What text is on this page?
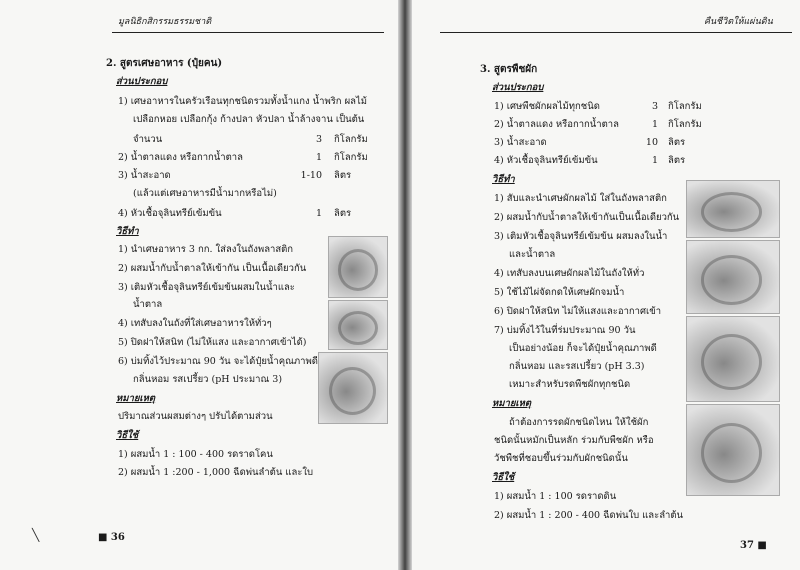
มูลนิธิกสิกรรมธรรมชาติ
2. สูตรเศษอาหาร (ปุ๋ยคน)
ส่วนประกอบ
1) เศษอาหารในครัวเรือนทุกชนิดรวมทั้งน้ำแกง น้ำพริก ผลไม้
เปลือกหอย เปลือกกุ้ง ก้างปลา หัวปลา น้ำล้างจาน เป็นต้น
จำนวน	3 กิโลกรัม
2) น้ำตาลแดง หรือกากน้ำตาล	1 กิโลกรัม
3) น้ำสะอาด	1-10 ลิตร
(แล้วแต่เศษอาหารมีน้ำมากหรือไม่)
4) หัวเชื้อจุลินทรีย์เข้มข้น	1 ลิตร
วิธีทำ
1) นำเศษอาหาร 3 กก. ใส่ลงในถังพลาสติก
2) ผสมน้ำกับน้ำตาลให้เข้ากัน เป็นเนื้อเดียวกัน
3) เติมหัวเชื้อจุลินทรีย์เข้มข้นผสมในน้ำและ
น้ำตาล
4) เทสับลงในถังที่ใส่เศษอาหารให้ทั่วๆ
5) ปิดฝาให้สนิท (ไม่ให้แสง และอากาศเข้าได้)
6) บ่มทิ้งไว้ประมาณ 90 วัน จะได้ปุ๋ยน้ำคุณภาพดี
กลิ่นหอม รสเปรี้ยว (pH ประมาณ 3)
หมายเหตุ
ปริมาณส่วนผสมต่างๆ ปรับได้ตามส่วน
วิธีใช้
1) ผสมน้ำ 1 : 100 - 400 รดราดโคน
2) ผสมน้ำ 1 :200 - 1,000 ฉีดพ่นลำต้น และใบ
■ 36
╲
คืนชีวิตให้แผ่นดิน
3. สูตรพืชผัก
ส่วนประกอบ
1) เศษพืชผักผลไม้ทุกชนิด	3 กิโลกรัม
2) น้ำตาลแดง หรือกากน้ำตาล	1 กิโลกรัม
3) น้ำสะอาด	10 ลิตร
4) หัวเชื้อจุลินทรีย์เข้มข้น	1 ลิตร
วิธีทำ
1) สับและนำเศษผักผลไม้ ใส่ในถังพลาสติก
2) ผสมน้ำกับน้ำตาลให้เข้ากันเป็นเนื้อเดียวกัน
3) เติมหัวเชื้อจุลินทรีย์เข้มข้น ผสมลงในน้ำ
และน้ำตาล
4) เทสับลงบนเศษผักผลไม้ในถังให้ทั่ว
5) ใช้ไม้ไผ่จัดกดให้เศษผักจมน้ำ
6) ปิดฝาให้สนิท ไม่ให้แสงและอากาศเข้า
7) บ่มทิ้งไว้ในที่ร่มประมาณ 90 วัน
เป็นอย่างน้อย ก็จะได้ปุ๋ยน้ำคุณภาพดี
กลิ่นหอม และรสเปรี้ยว (pH 3.3)
เหมาะสำหรับรดพืชผักทุกชนิด
หมายเหตุ
ถ้าต้องการรดผักชนิดไหน ให้ใช้ผัก
ชนิดนั้นหมักเป็นหลัก ร่วมกับพืชผัก หรือ
วัชพืชที่ชอบขึ้นร่วมกับผักชนิดนั้น
วิธีใช้
1) ผสมน้ำ 1 : 100 รดราดดิน
2) ผสมน้ำ 1 : 200 - 400 ฉีดพ่นใบ และลำต้น
37 ■
